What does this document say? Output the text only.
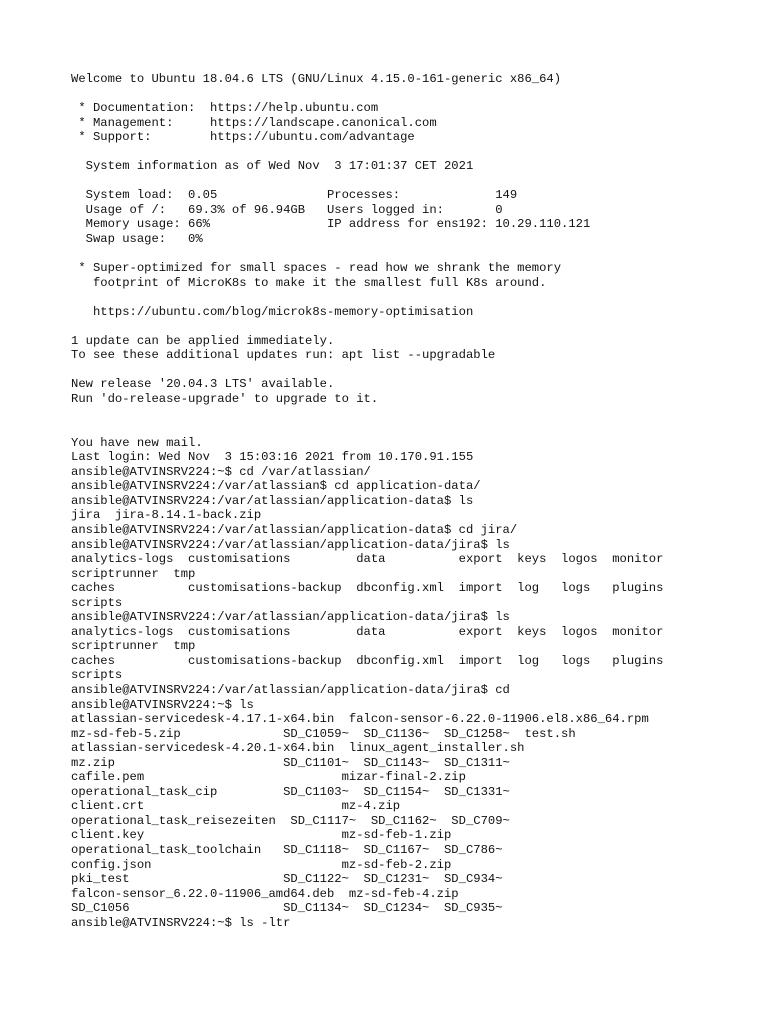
Welcome to Ubuntu 18.04.6 LTS (GNU/Linux 4.15.0-161-generic x86_64)
* Documentation:  https://help.ubuntu.com
* Management:     https://landscape.canonical.com
* Support:        https://ubuntu.com/advantage
System information as of Wed Nov  3 17:01:37 CET 2021
System load:  0.05               Processes:             149
Usage of /:   69.3% of 96.94GB   Users logged in:       0
Memory usage: 66%                IP address for ens192: 10.29.110.121
Swap usage:   0%
* Super-optimized for small spaces - read how we shrank the memory
footprint of MicroK8s to make it the smallest full K8s around.
https://ubuntu.com/blog/microk8s-memory-optimisation
1 update can be applied immediately.
To see these additional updates run: apt list --upgradable
New release '20.04.3 LTS' available.
Run 'do-release-upgrade' to upgrade to it.
You have new mail.
Last login: Wed Nov  3 15:03:16 2021 from 10.170.91.155
ansible@ATVINSRV224:~$ cd /var/atlassian/
ansible@ATVINSRV224:/var/atlassian$ cd application-data/
ansible@ATVINSRV224:/var/atlassian/application-data$ ls
jira  jira-8.14.1-back.zip
ansible@ATVINSRV224:/var/atlassian/application-data$ cd jira/
ansible@ATVINSRV224:/var/atlassian/application-data/jira$ ls
analytics-logs  customisations         data          export  keys  logos  monitor
scriptrunner  tmp
caches          customisations-backup  dbconfig.xml  import  log   logs   plugins
scripts
ansible@ATVINSRV224:/var/atlassian/application-data/jira$ ls
analytics-logs  customisations         data          export  keys  logos  monitor
scriptrunner  tmp
caches          customisations-backup  dbconfig.xml  import  log   logs   plugins
scripts
ansible@ATVINSRV224:/var/atlassian/application-data/jira$ cd
ansible@ATVINSRV224:~$ ls
atlassian-servicedesk-4.17.1-x64.bin  falcon-sensor-6.22.0-11906.el8.x86_64.rpm
mz-sd-feb-5.zip              SD_C1059~  SD_C1136~  SD_C1258~  test.sh
atlassian-servicedesk-4.20.1-x64.bin  linux_agent_installer.sh
mz.zip                       SD_C1101~  SD_C1143~  SD_C1311~
cafile.pem                           mizar-final-2.zip
operational_task_cip         SD_C1103~  SD_C1154~  SD_C1331~
client.crt                           mz-4.zip
operational_task_reisezeiten  SD_C1117~  SD_C1162~  SD_C709~
client.key                           mz-sd-feb-1.zip
operational_task_toolchain   SD_C1118~  SD_C1167~  SD_C786~
config.json                          mz-sd-feb-2.zip
pki_test                     SD_C1122~  SD_C1231~  SD_C934~
falcon-sensor_6.22.0-11906_amd64.deb  mz-sd-feb-4.zip
SD_C1056                     SD_C1134~  SD_C1234~  SD_C935~
ansible@ATVINSRV224:~$ ls -ltr
